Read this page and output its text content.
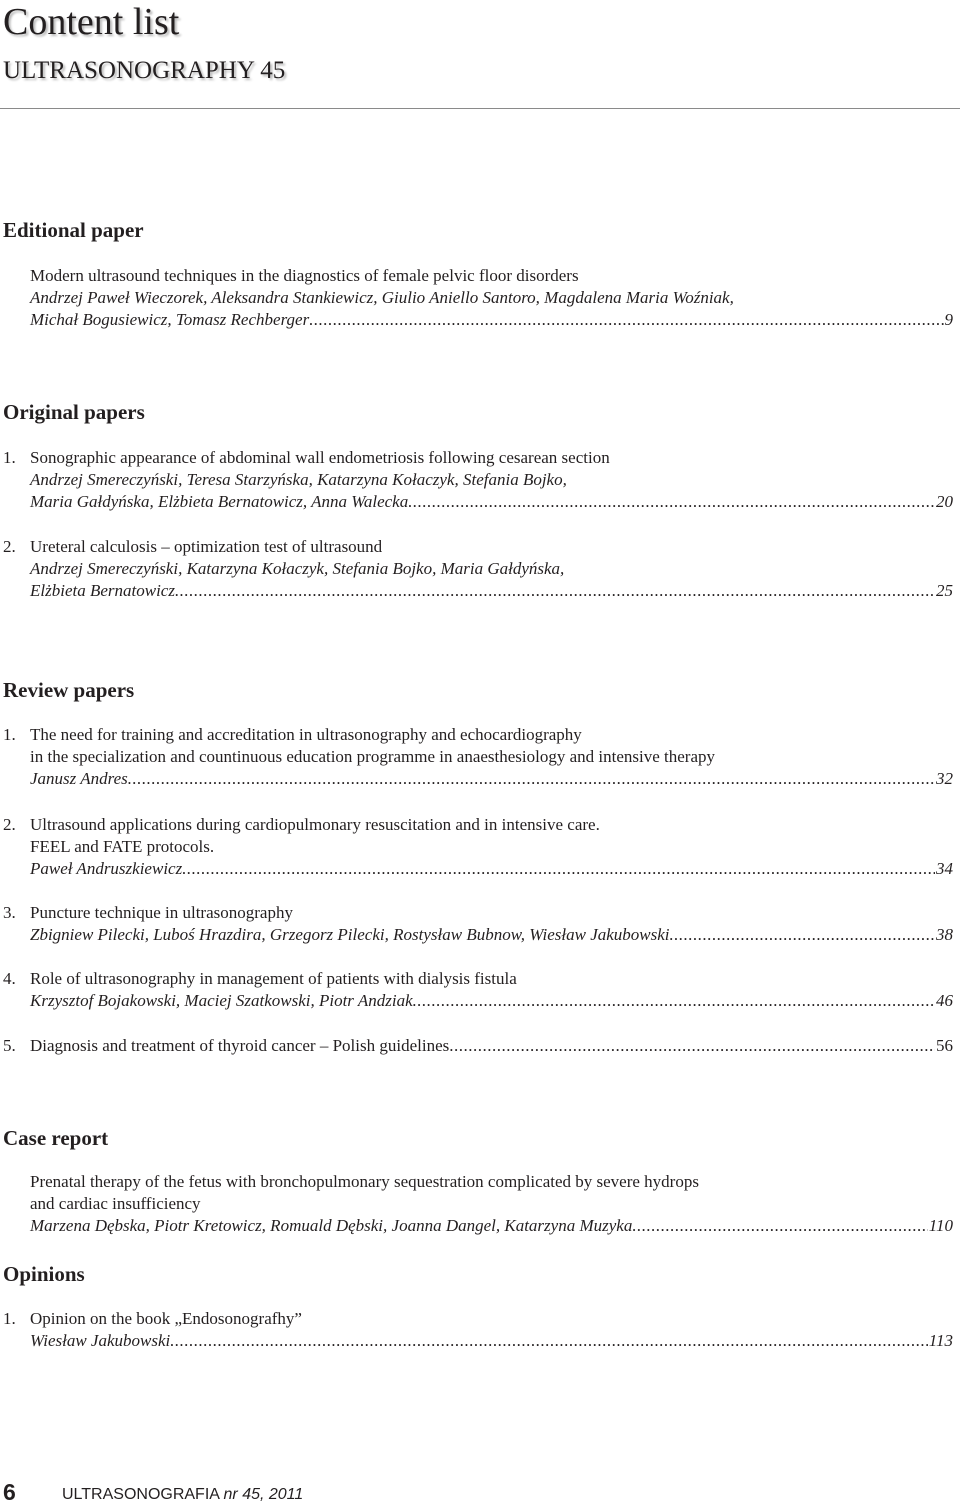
Content list
ULTRASONOGRAPHY 45
Editional paper
Modern ultrasound techniques in the diagnostics of female pelvic floor disorders
Andrzej Paweł Wieczorek, Aleksandra Stankiewicz, Giulio Aniello Santoro, Magdalena Maria Woźniak,
Michał Bogusiewicz, Tomasz Rechberger .....	9
Original papers
1. Sonographic appearance of abdominal wall endometriosis following cesarean section
Andrzej Smereczyński, Teresa Starzyńska, Katarzyna Kołaczyk, Stefania Bojko,
Maria Gałdyńska, Elżbieta Bernatowicz, Anna Walecka .....	20
2. Ureteral calculosis – optimization test of ultrasound
Andrzej Smereczyński, Katarzyna Kołaczyk, Stefania Bojko, Maria Gałdyńska,
Elżbieta Bernatowicz .....	25
Review papers
1. The need for training and accreditation in ultrasonography and echocardiography
in the specialization and countinuous education programme in anaesthesiology and intensive therapy
Janusz Andres .....	32
2. Ultrasound applications during cardiopulmonary resuscitation and in intensive care.
FEEL and FATE protocols.
Paweł Andruszkiewicz .....	34
3. Puncture technique in ultrasonography
Zbigniew Pilecki, Luboś Hrazdira, Grzegorz Pilecki, Rostysław Bubnow, Wiesław Jakubowski .....	38
4. Role of ultrasonography in management of patients with dialysis fistula
Krzysztof Bojakowski, Maciej Szatkowski, Piotr Andziak .....	46
5. Diagnosis and treatment of thyroid cancer – Polish guidelines .....	56
Case report
Prenatal therapy of the fetus with bronchopulmonary sequestration complicated by severe hydrops
and cardiac insufficiency
Marzena Dębska, Piotr Kretowicz, Romuald Dębski, Joanna Dangel, Katarzyna Muzyka .....	110
Opinions
1. Opinion on the book „Endosonografhy”
Wiesław Jakubowski .....	113
6	ULTRASONOGRAFIA nr 45, 2011
